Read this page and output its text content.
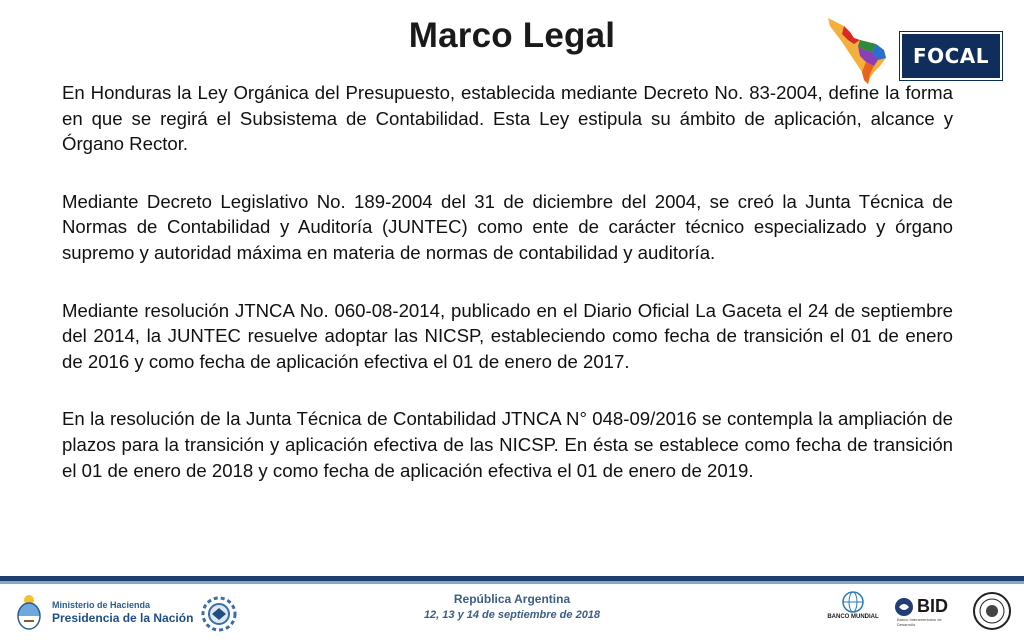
Marco Legal
FOCAL

En Honduras la Ley Orgánica del Presupuesto, establecida mediante Decreto No. 83-2004, define la forma en que se regirá el Subsistema de Contabilidad. Esta Ley estipula su ámbito de aplicación, alcance y Órgano Rector.

Mediante Decreto Legislativo No. 189-2004 del 31 de diciembre del 2004, se creó la Junta Técnica de Normas de Contabilidad y Auditoría (JUNTEC) como ente de carácter técnico especializado y órgano supremo y autoridad máxima en materia de normas de contabilidad y auditoría.

Mediante resolución JTNCA No. 060-08-2014, publicado en el Diario Oficial La Gaceta el 24 de septiembre del 2014, la JUNTEC resuelve adoptar las NICSP, estableciendo como fecha de transición el 01 de enero de 2016 y como fecha de aplicación efectiva el 01 de enero de 2017.

En la resolución de la Junta Técnica de Contabilidad JTNCA N° 048-09/2016 se contempla la ampliación de plazos para la transición y aplicación efectiva de las NICSP. En ésta se establece como fecha de transición el 01 de enero de 2018 y como fecha de aplicación efectiva el 01 de enero de 2019.

Ministerio de Hacienda
Presidencia de la Nación
República Argentina
12, 13 y 14 de septiembre de 2018	BANCO MUNDIAL
BID
Banco Interamericano de Desarrollo
